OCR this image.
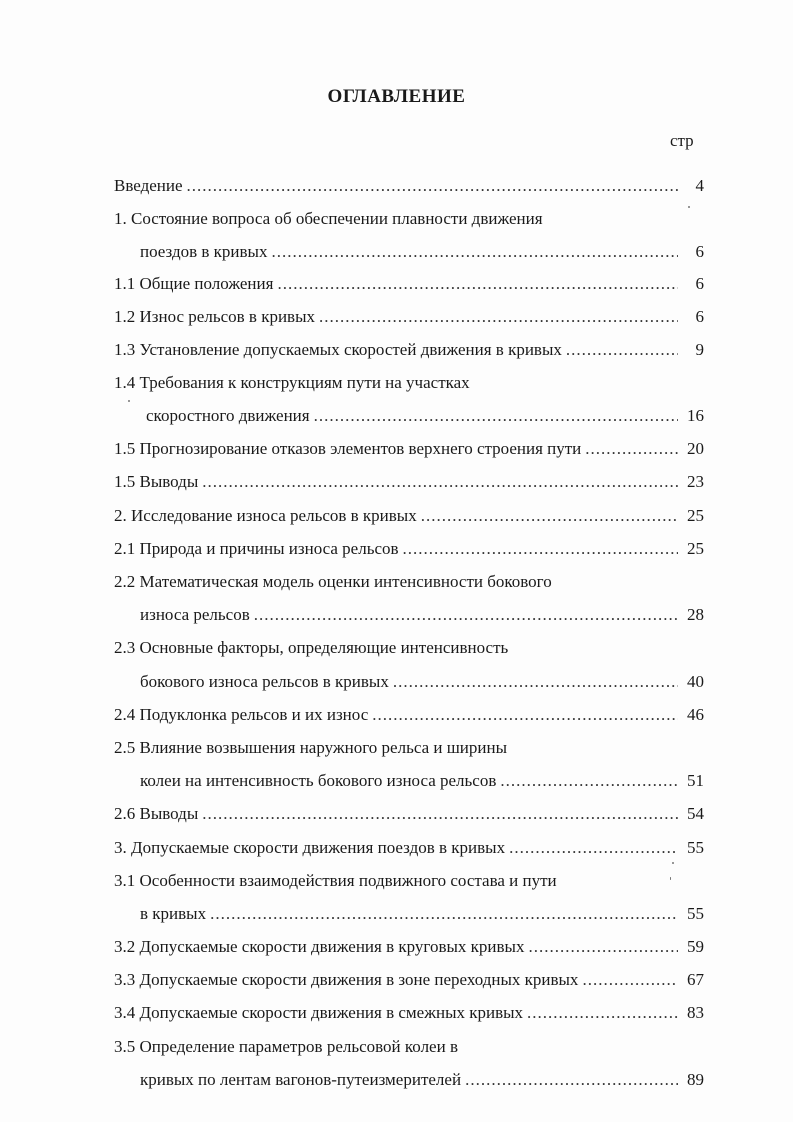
ОГЛАВЛЕНИЕ
стр
Введение .....	4
1. Состояние вопроса об обеспечении плавности движения
поездов в кривых .....	6
1.1 Общие положения .....	6
1.2 Износ рельсов в кривых .....	6
1.3 Установление допускаемых скоростей движения в кривых .....	9
1.4 Требования к конструкциям пути на участках
скоростного движения .....	16
1.5 Прогнозирование отказов элементов верхнего строения пути .....	20
1.5 Выводы .....	23
2. Исследование износа рельсов в кривых .....	25
2.1 Природа и причины износа рельсов .....	25
2.2 Математическая модель оценки интенсивности бокового
износа рельсов .....	28
2.3 Основные факторы, определяющие интенсивность
бокового износа рельсов в кривых .....	40
2.4 Подуклонка рельсов и их износ .....	46
2.5 Влияние возвышения наружного рельса и ширины
колеи на интенсивность бокового износа рельсов .....	51
2.6 Выводы .....	54
3. Допускаемые скорости движения поездов в кривых .....	55
3.1 Особенности взаимодействия подвижного состава и пути
в кривых .....	55
3.2 Допускаемые скорости движения в круговых кривых .....	59
3.3 Допускаемые скорости движения в зоне переходных кривых .....	67
3.4 Допускаемые скорости движения в смежных кривых .....	83
3.5 Определение параметров рельсовой колеи в
кривых по лентам вагонов-путеизмерителей .....	89
